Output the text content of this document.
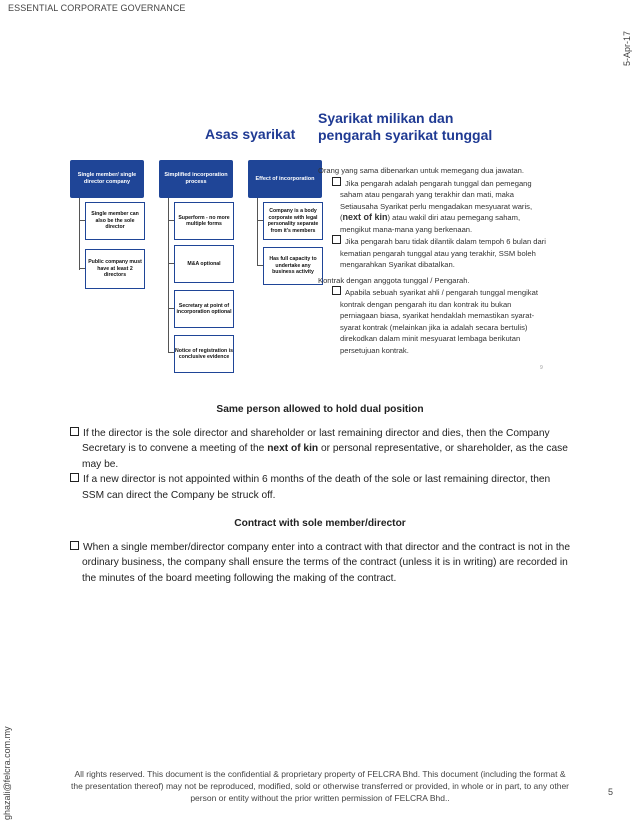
ESSENTIAL CORPORATE GOVERNANCE
5-Apr-17
ghazali@felcra.com.my
Asas syarikat
Syarikat milikan dan pengarah syarikat tunggal
Single member/ single director company
Single member can also be the sole director
Public company must have at least 2 directors
Simplified incorporation process
Superform - no more multiple forms
M&A optional
Secretary at point of incorporation optional
Notice of registration is conclusive evidence
Effect of incorporation
Company is a body corporate with legal personality separate from it's members
Has full capacity to undertake any business activity
Orang yang sama dibenarkan untuk memegang dua jawatan.
Jika pengarah adalah pengarah tunggal dan pemegang saham atau pengarah yang terakhir dan mati, maka Setiausaha Syarikat perlu mengadakan mesyuarat waris, (next of kin) atau wakil diri atau pemegang saham, mengikut mana-mana yang berkenaan.
Jika pengarah baru tidak dilantik dalam tempoh 6 bulan dari kematian pengarah tunggal atau yang terakhir, SSM boleh mengarahkan Syarikat dibatalkan.
Kontrak dengan anggota tunggal / Pengarah.
Apabila sebuah syarikat ahli / pengarah tunggal mengikat kontrak dengan pengarah itu dan kontrak itu bukan perniagaan biasa, syarikat hendaklah memastikan syarat-syarat kontrak (melainkan jika ia adalah secara bertulis) direkodkan dalam minit mesyuarat lembaga berikutan persetujuan kontrak.
9
Same person allowed to hold dual position
If the director is the sole director and shareholder or last remaining director and dies, then the Company Secretary is to convene a meeting of the next of kin or personal representative, or shareholder, as the case may be.
If a new director is not appointed within 6 months of the death of the sole or last remaining director, then SSM can direct the Company be struck off.
Contract with sole member/director
When a single member/director company enter into a contract with that director and the contract is not in the ordinary business, the company shall ensure the terms of the contract (unless it is in writing) are recorded in the minutes of the board meeting following the making of the contract.
All rights reserved. This document is the confidential & proprietary property of FELCRA Bhd. This document (including the format &
the presentation thereof) may not be reproduced, modified, sold or otherwise transferred or provided, in whole or in part, to any other
person or entity without the prior written permission of FELCRA Bhd..
5
